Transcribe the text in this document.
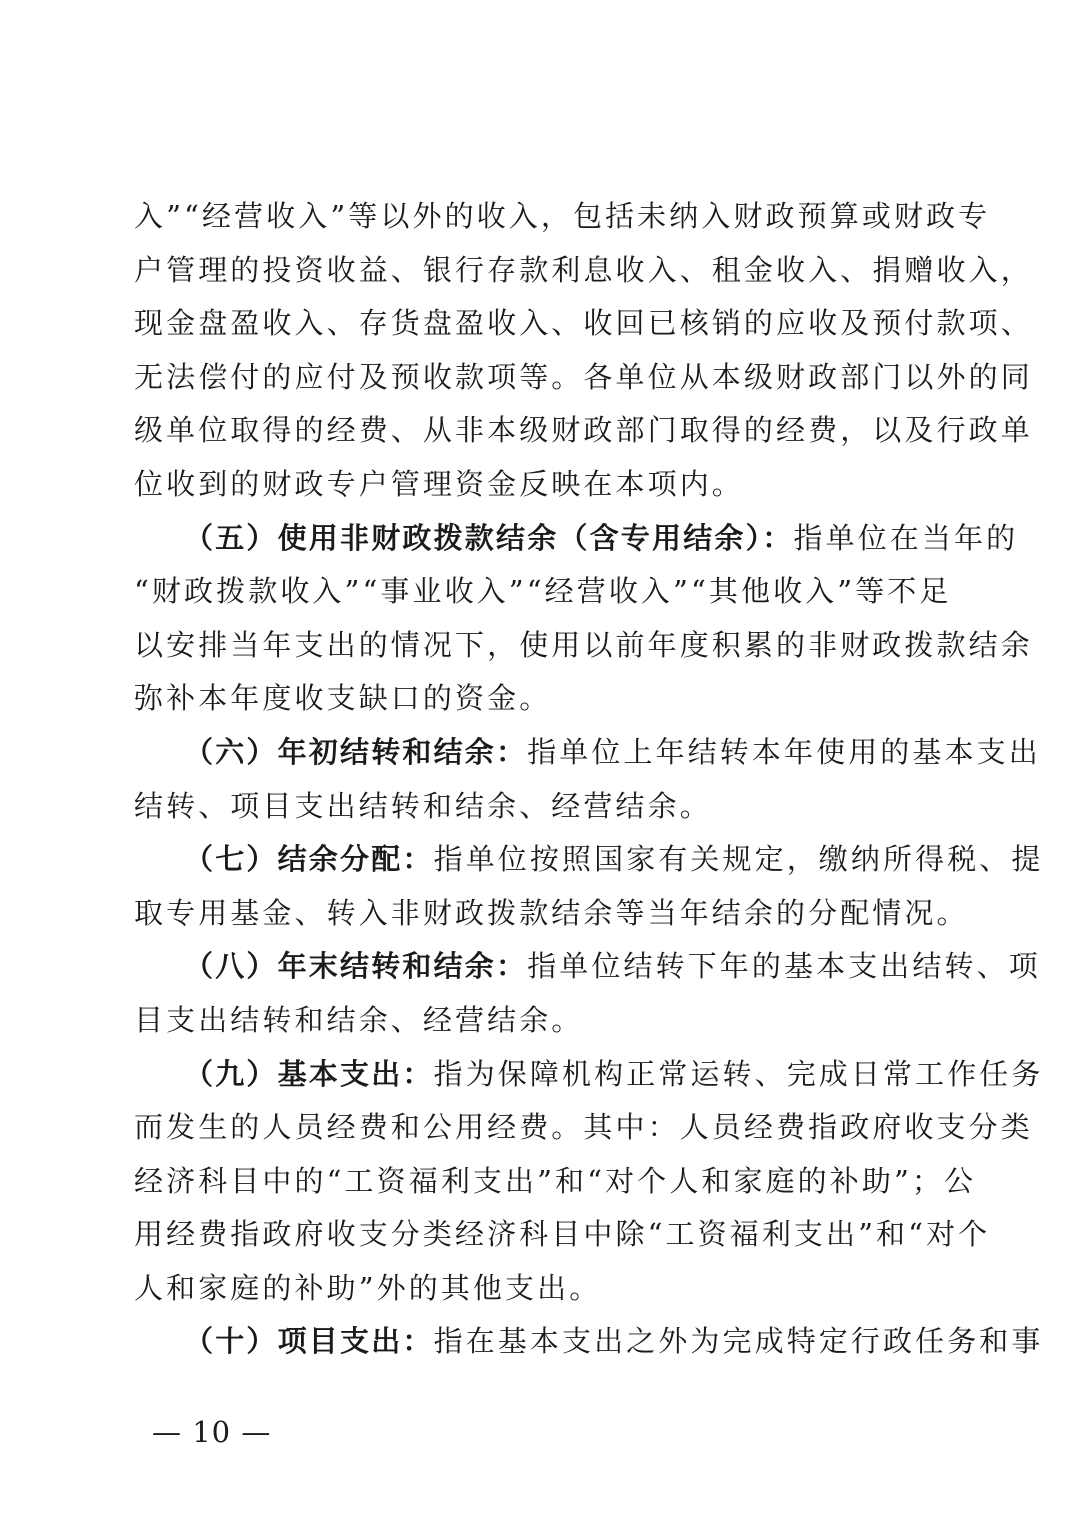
入”“经营收入”等以外的收入，包括未纳入财政预算或财政专
户管理的投资收益、银行存款利息收入、租金收入、捐赠收入，
现金盘盈收入、存货盘盈收入、收回已核销的应收及预付款项、
无法偿付的应付及预收款项等。各单位从本级财政部门以外的同
级单位取得的经费、从非本级财政部门取得的经费，以及行政单
位收到的财政专户管理资金反映在本项内。
（五）使用非财政拨款结余（含专用结余）：指单位在当年的
“财政拨款收入”“事业收入”“经营收入”“其他收入”等不足
以安排当年支出的情况下，使用以前年度积累的非财政拨款结余
弥补本年度收支缺口的资金。
（六）年初结转和结余：指单位上年结转本年使用的基本支出
结转、项目支出结转和结余、经营结余。
（七）结余分配：指单位按照国家有关规定，缴纳所得税、提
取专用基金、转入非财政拨款结余等当年结余的分配情况。
（八）年末结转和结余：指单位结转下年的基本支出结转、项
目支出结转和结余、经营结余。
（九）基本支出：指为保障机构正常运转、完成日常工作任务
而发生的人员经费和公用经费。其中：人员经费指政府收支分类
经济科目中的“工资福利支出”和“对个人和家庭的补助”；公
用经费指政府收支分类经济科目中除“工资福利支出”和“对个
人和家庭的补助”外的其他支出。
（十）项目支出：指在基本支出之外为完成特定行政任务和事
— 10 —
